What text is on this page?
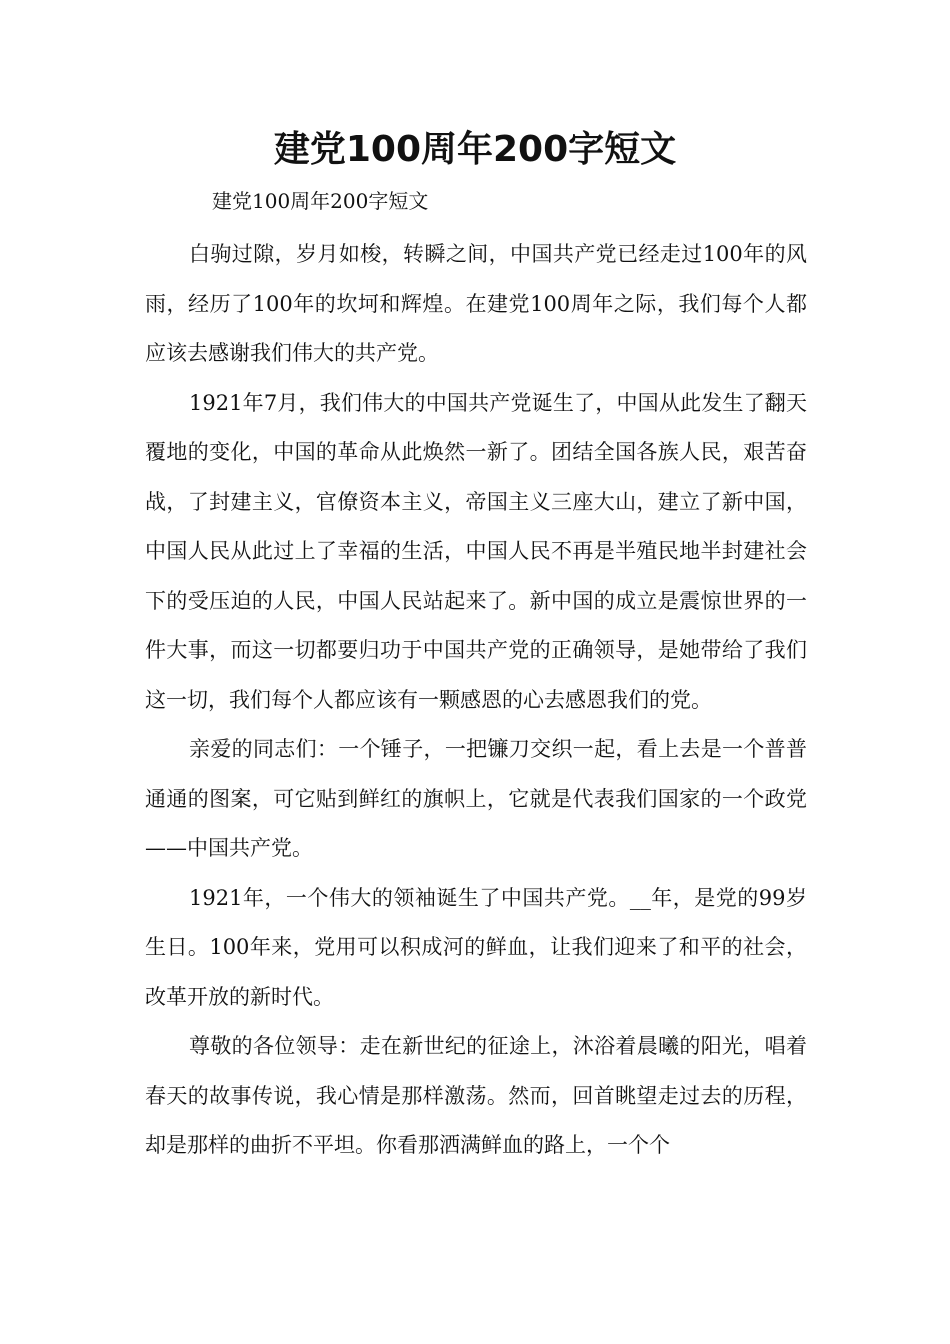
建党100周年200字短文

建党100周年200字短文

白驹过隙，岁月如梭，转瞬之间，中国共产党已经走过100年的风雨，经历了100年的坎坷和辉煌。在建党100周年之际，我们每个人都应该去感谢我们伟大的共产党。

1921年7月，我们伟大的中国共产党诞生了，中国从此发生了翻天覆地的变化，中国的革命从此焕然一新了。团结全国各族人民，艰苦奋战，了封建主义，官僚资本主义，帝国主义三座大山，建立了新中国，中国人民从此过上了幸福的生活，中国人民不再是半殖民地半封建社会下的受压迫的人民，中国人民站起来了。新中国的成立是震惊世界的一件大事，而这一切都要归功于中国共产党的正确领导，是她带给了我们这一切，我们每个人都应该有一颗感恩的心去感恩我们的党。

亲爱的同志们：一个锤子，一把镰刀交织一起，看上去是一个普普通通的图案，可它贴到鲜红的旗帜上，它就是代表我们国家的一个政党——中国共产党。

1921年，一个伟大的领袖诞生了中国共产党。__年，是党的99岁生日。100年来，党用可以积成河的鲜血，让我们迎来了和平的社会，改革开放的新时代。

尊敬的各位领导：走在新世纪的征途上，沐浴着晨曦的阳光，唱着春天的故事传说，我心情是那样激荡。然而，回首眺望走过去的历程，却是那样的曲折不平坦。你看那洒满鲜血的路上，一个个
